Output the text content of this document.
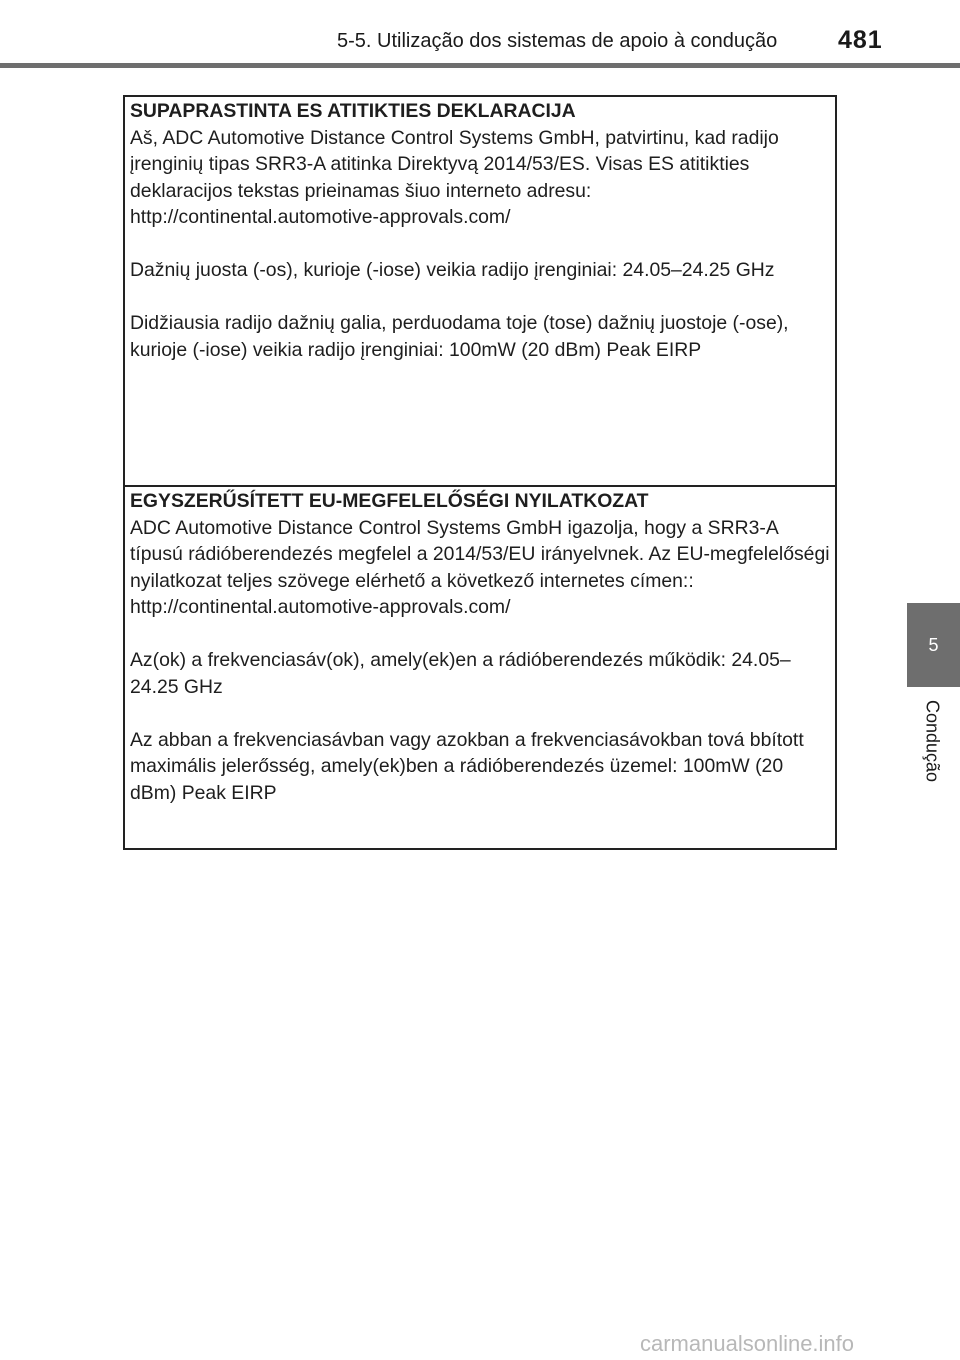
5-5. Utilização dos sistemas de apoio à condução	481
5
Condução

SUPAPRASTINTA ES ATITIKTIES DEKLARACIJA

Aš, ADC Automotive Distance Control Systems GmbH, patvirtinu, kad radijo įrenginių tipas SRR3-A atitinka Direktyvą 2014/53/ES. Visas ES atitikties deklaracijos tekstas prieinamas šiuo interneto adresu: http://continental.automotive-approvals.com/

Dažnių juosta (-os), kurioje (-iose) veikia radijo įrenginiai: 24.05–24.25 GHz

Didžiausia radijo dažnių galia, perduodama toje (tose) dažnių juostoje (-ose), kurioje (-iose) veikia radijo įrenginiai: 100mW (20 dBm) Peak EIRP

EGYSZERŰSÍTETT EU-MEGFELELŐSÉGI NYILATKOZAT

ADC Automotive Distance Control Systems GmbH igazolja, hogy a SRR3-A típusú rádióberendezés megfelel a 2014/53/EU irányelvnek. Az EU-megfelelőségi nyilatkozat teljes szövege elérhető a következő internetes címen:: http://continental.automotive-approvals.com/

Az(ok) a frekvenciasáv(ok), amely(ek)en a rádióberendezés működik: 24.05–24.25 GHz

Az abban a frekvenciasávban vagy azokban a frekvenciasávokban tová bbított maximális jelerősség, amely(ek)ben a rádióberendezés üzemel: 100mW (20 dBm) Peak EIRP

carmanualsonline.info
